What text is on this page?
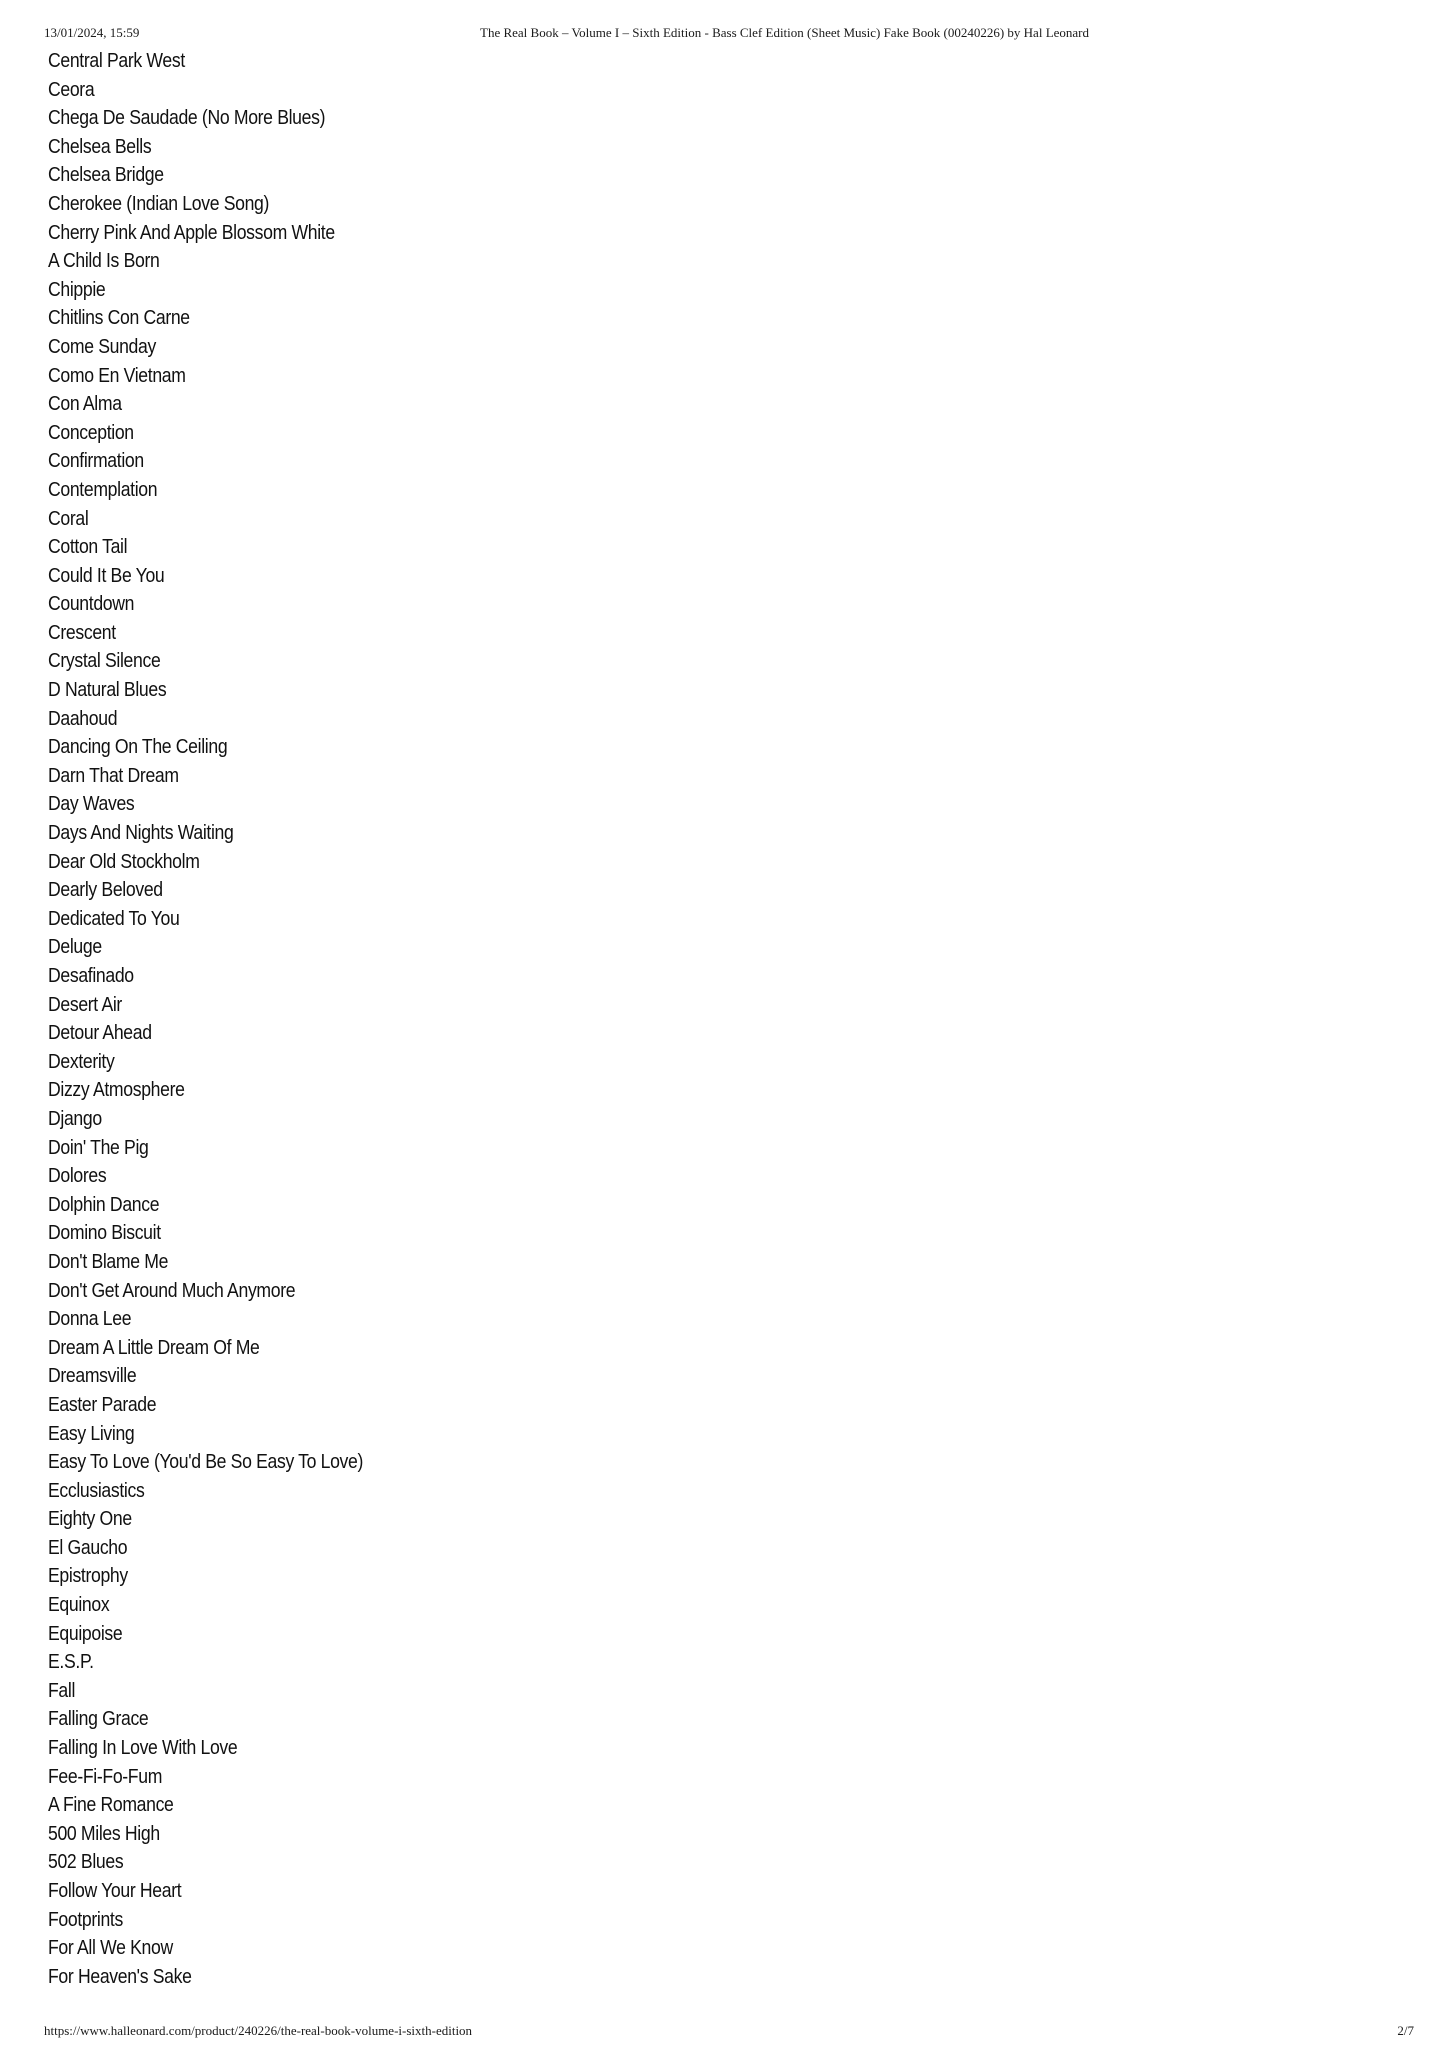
13/01/2024, 15:59	The Real Book – Volume I – Sixth Edition - Bass Clef Edition (Sheet Music) Fake Book (00240226) by Hal Leonard
Central Park West
Ceora
Chega De Saudade (No More Blues)
Chelsea Bells
Chelsea Bridge
Cherokee (Indian Love Song)
Cherry Pink And Apple Blossom White
A Child Is Born
Chippie
Chitlins Con Carne
Come Sunday
Como En Vietnam
Con Alma
Conception
Confirmation
Contemplation
Coral
Cotton Tail
Could It Be You
Countdown
Crescent
Crystal Silence
D Natural Blues
Daahoud
Dancing On The Ceiling
Darn That Dream
Day Waves
Days And Nights Waiting
Dear Old Stockholm
Dearly Beloved
Dedicated To You
Deluge
Desafinado
Desert Air
Detour Ahead
Dexterity
Dizzy Atmosphere
Django
Doin' The Pig
Dolores
Dolphin Dance
Domino Biscuit
Don't Blame Me
Don't Get Around Much Anymore
Donna Lee
Dream A Little Dream Of Me
Dreamsville
Easter Parade
Easy Living
Easy To Love (You'd Be So Easy To Love)
Ecclusiastics
Eighty One
El Gaucho
Epistrophy
Equinox
Equipoise
E.S.P.
Fall
Falling Grace
Falling In Love With Love
Fee-Fi-Fo-Fum
A Fine Romance
500 Miles High
502 Blues
Follow Your Heart
Footprints
For All We Know
For Heaven's Sake
https://www.halleonard.com/product/240226/the-real-book-volume-i-sixth-edition	2/7
